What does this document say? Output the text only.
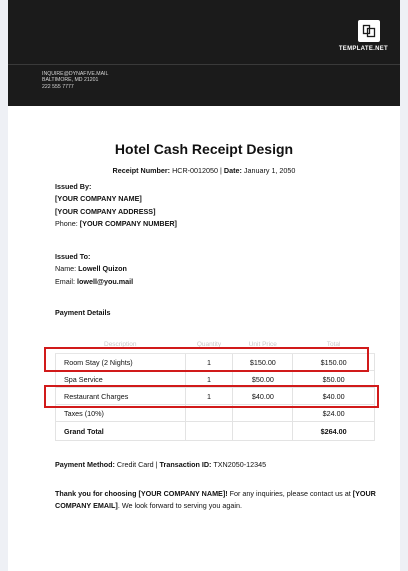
TEMPLATE.NET
INQUIRE@DYNAFIVE.MAIL
BALTIMORE, MD 21201
222 555 7777
Hotel Cash Receipt Design
Receipt Number: HCR-0012050 | Date: January 1, 2050
Issued By:
[YOUR COMPANY NAME]
[YOUR COMPANY ADDRESS]
Phone: [YOUR COMPANY NUMBER]
Issued To:
Name: Lowell Quizon
Email: lowell@you.mail
Payment Details
Description	Quantity	Unit Price	Total
Room Stay (2 Nights)	1	$150.00	$150.00
Spa Service	1	$50.00	$50.00
Restaurant Charges	1	$40.00	$40.00
Taxes (10%)			$24.00
Grand Total			$264.00
Payment Method: Credit Card | Transaction ID: TXN2050-12345
Thank you for choosing [YOUR COMPANY NAME]! For any inquiries, please contact us at [YOUR COMPANY EMAIL]. We look forward to serving you again.
